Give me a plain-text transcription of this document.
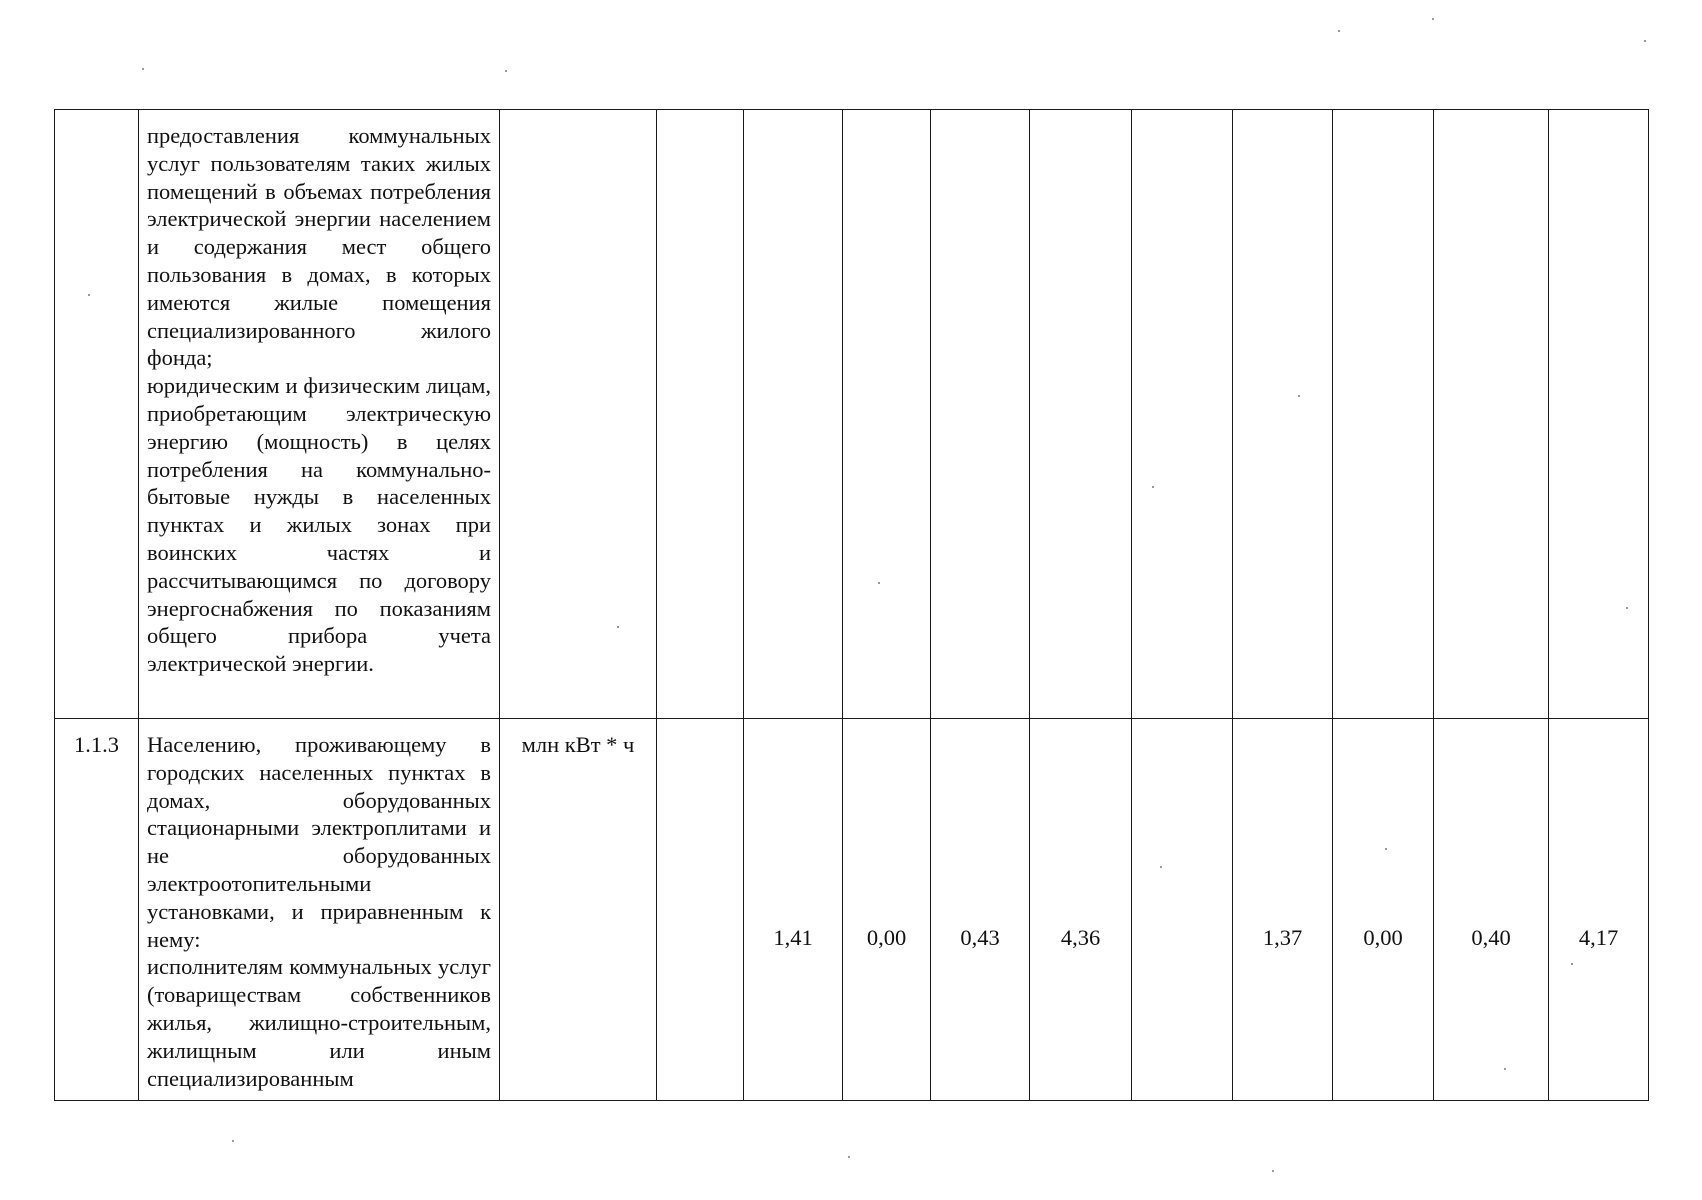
	предоставления коммунальных услуг пользователям таких жилых помещений в объемах потребления электрической энергии населением и содержания мест общего пользования в домах, в которых имеются жилые помещения специализированного жилого фонда;

юридическим и физическим лицам, приобретающим электрическую энергию (мощность) в целях потребления на коммунально-бытовые нужды в населенных пунктах и жилых зонах при воинских частях и рассчитывающимся по договору энергоснабжения по показаниям общего прибора учета электрической энергии.											

1.1.3	Населению, проживающему в городских населенных пунктах в домах, оборудованных стационарными электроплитами и не оборудованных электроотопительными установками, и приравненным к нему:

исполнителям коммунальных услуг (товариществам собственников жилья, жилищно-строительным, жилищным или иным специализированным	млн кВт * ч		1,41	0,00	0,43	4,36		1,37	0,00	0,40	4,17
